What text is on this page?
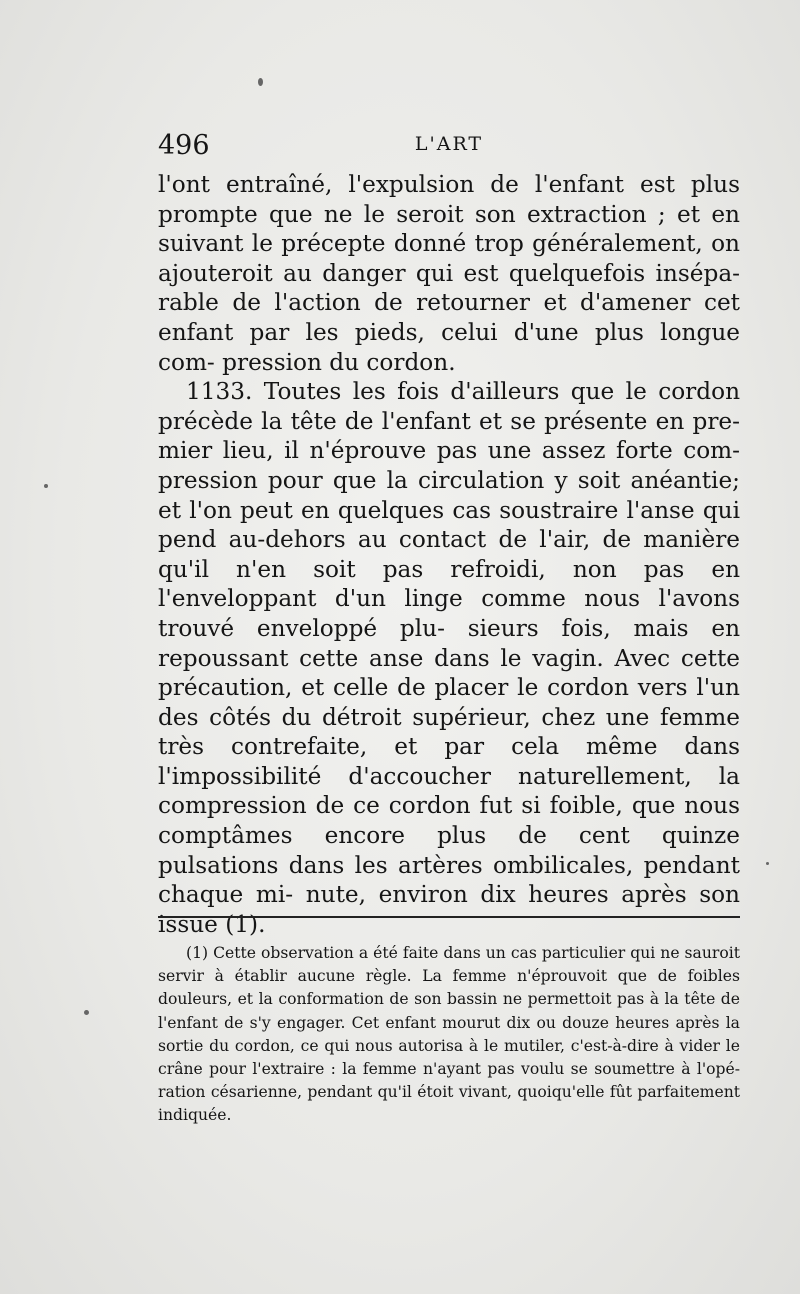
496	L'ART

l'ont entraîné, l'expulsion de l'enfant est plus prompte que ne le seroit son extraction ; et en suivant le précepte donné trop généralement, on ajouteroit au danger qui est quelquefois insépa- rable de l'action de retourner et d'amener cet enfant par les pieds, celui d'une plus longue com- pression du cordon.

1133. Toutes les fois d'ailleurs que le cordon précède la tête de l'enfant et se présente en pre- mier lieu, il n'éprouve pas une assez forte com- pression pour que la circulation y soit anéantie; et l'on peut en quelques cas soustraire l'anse qui pend au-dehors au contact de l'air, de manière qu'il n'en soit pas refroidi, non pas en l'enveloppant d'un linge comme nous l'avons trouvé enveloppé plu- sieurs fois, mais en repoussant cette anse dans le vagin. Avec cette précaution, et celle de placer le cordon vers l'un des côtés du détroit supérieur, chez une femme très contrefaite, et par cela même dans l'impossibilité d'accoucher naturellement, la compression de ce cordon fut si foible, que nous comptâmes encore plus de cent quinze pulsations dans les artères ombilicales, pendant chaque mi- nute, environ dix heures après son issue (1).

(1) Cette observation a été faite dans un cas particulier qui ne sauroit servir à établir aucune règle. La femme n'éprouvoit que de foibles douleurs, et la conformation de son bassin ne permettoit pas à la tête de l'enfant de s'y engager. Cet enfant mourut dix ou douze heures après la sortie du cordon, ce qui nous autorisa à le mutiler, c'est-à-dire à vider le crâne pour l'extraire : la femme n'ayant pas voulu se soumettre à l'opé- ration césarienne, pendant qu'il étoit vivant, quoiqu'elle fût parfaitement indiquée.
